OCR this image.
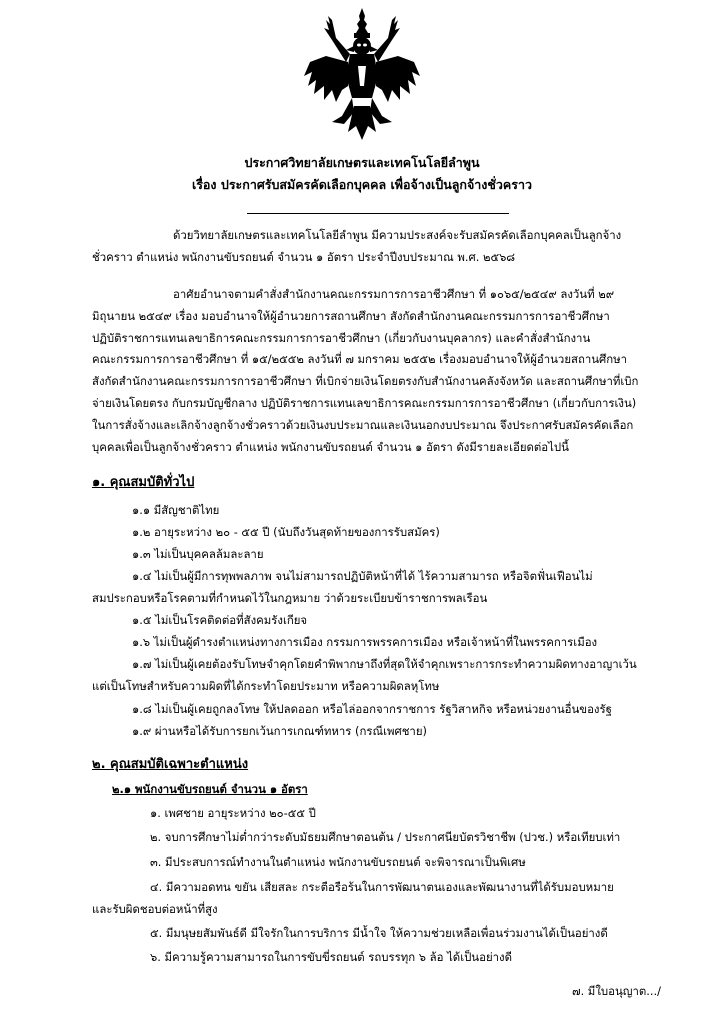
ประกาศวิทยาลัยเกษตรและเทคโนโลยีลำพูน
เรื่อง ประกาศรับสมัครคัดเลือกบุคคล เพื่อจ้างเป็นลูกจ้างชั่วคราว
ด้วยวิทยาลัยเกษตรและเทคโนโลยีลำพูน มีความประสงค์จะรับสมัครคัดเลือกบุคคลเป็นลูกจ้าง
ชั่วคราว ตำแหน่ง พนักงานขับรถยนต์ จำนวน ๑ อัตรา ประจำปีงบประมาณ พ.ศ. ๒๕๖๘
อาศัยอำนาจตามคำสั่งสำนักงานคณะกรรมการการอาชีวศึกษา ที่ ๑๐๖๕/๒๕๔๙ ลงวันที่ ๒๙
มิถุนายน ๒๕๔๙ เรื่อง มอบอำนาจให้ผู้อำนวยการสถานศึกษา สังกัดสำนักงานคณะกรรมการการอาชีวศึกษา
ปฏิบัติราชการแทนเลขาธิการคณะกรรมการการอาชีวศึกษา (เกี่ยวกับงานบุคลากร) และคำสั่งสำนักงาน
คณะกรรมการการอาชีวศึกษา ที่ ๑๕/๒๕๕๒ ลงวันที่ ๗ มกราคม ๒๕๕๒ เรื่องมอบอำนาจให้ผู้อำนวยสถานศึกษา
สังกัดสำนักงานคณะกรรมการการอาชีวศึกษา ที่เบิกจ่ายเงินโดยตรงกับสำนักงานคลังจังหวัด และสถานศึกษาที่เบิก
จ่ายเงินโดยตรง กับกรมบัญชีกลาง ปฏิบัติราชการแทนเลขาธิการคณะกรรมการการอาชีวศึกษา (เกี่ยวกับการเงิน)
ในการสั่งจ้างและเลิกจ้างลูกจ้างชั่วคราวด้วยเงินงบประมาณและเงินนอกงบประมาณ จึงประกาศรับสมัครคัดเลือก
บุคคลเพื่อเป็นลูกจ้างชั่วคราว ตำแหน่ง พนักงานขับรถยนต์ จำนวน ๑ อัตรา ดังมีรายละเอียดต่อไปนี้
๑. คุณสมบัติทั่วไป
๑.๑ มีสัญชาติไทย
๑.๒ อายุระหว่าง ๒๐ - ๕๕ ปี (นับถึงวันสุดท้ายของการรับสมัคร)
๑.๓ ไม่เป็นบุคคลล้มละลาย
๑.๔ ไม่เป็นผู้มีการทุพพลภาพ จนไม่สามารถปฏิบัติหน้าที่ได้ ไร้ความสามารถ หรือจิตฟั่นเฟือนไม่
สมประกอบหรือโรคตามที่กำหนดไว้ในกฎหมาย ว่าด้วยระเบียบข้าราชการพลเรือน
๑.๕ ไม่เป็นโรคติดต่อที่สังคมรังเกียจ
๑.๖ ไม่เป็นผู้ดำรงตำแหน่งทางการเมือง กรรมการพรรคการเมือง หรือเจ้าหน้าที่ในพรรคการเมือง
๑.๗ ไม่เป็นผู้เคยต้องรับโทษจำคุกโดยคำพิพากษาถึงที่สุดให้จำคุกเพราะการกระทำความผิดทางอาญาเว้น
แต่เป็นโทษสำหรับความผิดที่ได้กระทำโดยประมาท หรือความผิดลหุโทษ
๑.๘ ไม่เป็นผู้เคยถูกลงโทษ ให้ปลดออก หรือไล่ออกจากราชการ รัฐวิสาหกิจ หรือหน่วยงานอื่นของรัฐ
๑.๙ ผ่านหรือได้รับการยกเว้นการเกณฑ์ทหาร (กรณีเพศชาย)
๒. คุณสมบัติเฉพาะตำแหน่ง
๒.๑ พนักงานขับรถยนต์ จำนวน ๑ อัตรา
๑. เพศชาย อายุระหว่าง ๒๐-๕๕ ปี
๒. จบการศึกษาไม่ต่ำกว่าระดับมัธยมศึกษาตอนต้น / ประกาศนียบัตรวิชาชีพ (ปวช.) หรือเทียบเท่า
๓. มีประสบการณ์ทำงานในตำแหน่ง พนักงานขับรถยนต์ จะพิจารณาเป็นพิเศษ
๔. มีความอดทน ขยัน เสียสละ กระตือรือร้นในการพัฒนาตนเองและพัฒนางานที่ได้รับมอบหมาย
และรับผิดชอบต่อหน้าที่สูง
๕. มีมนุษยสัมพันธ์ดี มีใจรักในการบริการ มีน้ำใจ ให้ความช่วยเหลือเพื่อนร่วมงานได้เป็นอย่างดี
๖. มีความรู้ความสามารถในการขับขี่รถยนต์ รถบรรทุก ๖ ล้อ ได้เป็นอย่างดี
๗. มีใบอนุญาต.../
